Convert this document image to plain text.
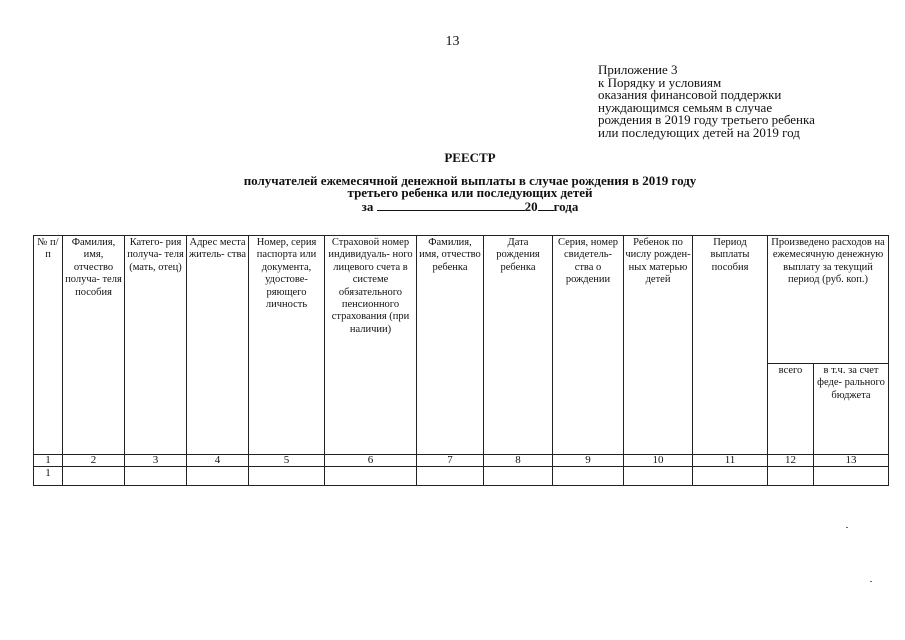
13
Приложение 3
к Порядку и условиям
оказания финансовой поддержки
нуждающимся семьям в случае
рождения в 2019 году третьего ребенка
или последующих детей на 2019 год
РЕЕСТР
получателей ежемесячной денежной выплаты в случае рождения в 2019 году
третьего ребенка или последующих детей
за	20 года
№ п/п	Фамилия, имя, отчество получа- теля пособия	Катего- рия получа- теля (мать, отец)	Адрес места житель- ства	Номер, серия паспорта или документа, удостове- ряющего личность	Страховой номер индивидуаль- ного лицевого счета в системе обязательного пенсионного страхования (при наличии)	Фамилия, имя, отчество ребенка	Дата рождения ребенка	Серия, номер свидетель- ства о рождении	Ребенок по числу рожден- ных матерью детей	Период выплаты пособия	Произведено расходов на ежемесячную денежную выплату за текущий период (руб. коп.)	
											всего	в т.ч. за счет феде- рального бюджета
1	2	3	4	5	6	7	8	9	10	11	12	13
1												
